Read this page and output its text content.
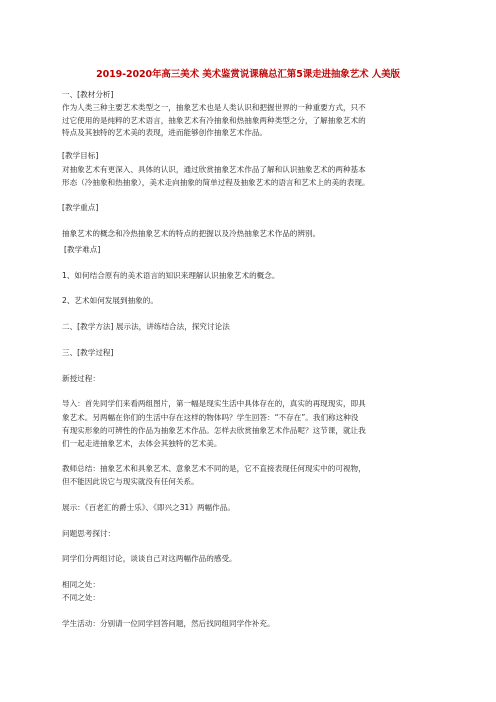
2019-2020年高三美术 美术鉴赏说课稿总汇第5课走进抽象艺术 人美版
一、[教材分析]
作为人类三种主要艺术类型之一，抽象艺术也是人类认识和把握世界的一种重要方式，只不
过它使用的是纯粹的艺术语言，抽象艺术有冷抽象和热抽象两种类型之分，了解抽象艺术的
特点及其独特的艺术美的表现，进而能够创作抽象艺术作品。
[教学目标]
对抽象艺术有更深入、具体的认识，通过欣赏抽象艺术作品了解和认识抽象艺术的两种基本
形态（冷抽象和热抽象），美术走向抽象的简单过程及抽象艺术的语言和艺术上的美的表现。
[教学重点]
抽象艺术的概念和冷热抽象艺术的特点的把握以及冷热抽象艺术作品的辨别。
[教学难点]
1、如何结合原有的美术语言的知识来理解认识抽象艺术的概念。
2、艺术如何发展到抽象的。
二、[教学方法] 展示法，讲练结合法，探究讨论法
三、[教学过程]
新授过程：
导入：首先同学们来看两组图片，第一幅是现实生活中具体存在的，真实的再现现实，即具
象艺术。另两幅在你们的生活中存在这样的物体吗？学生回答：“不存在”。我们称这种没
有现实形象的可辨性的作品为抽象艺术作品。怎样去欣赏抽象艺术作品呢？这节课，就让我
们一起走进抽象艺术，去体会其独特的艺术美。
教师总结：抽象艺术和具象艺术、意象艺术不同的是，它不直接表现任何现实中的可视物，
但不能因此说它与现实就没有任何关系。
展示：《百老汇的爵士乐》、《即兴之31》两幅作品。
问题思考探讨：
同学们分两组讨论，谈谈自己对这两幅作品的感受。
相同之处：
不同之处：
学生活动：分别请一位同学回答问题，然后找同组同学作补充。
